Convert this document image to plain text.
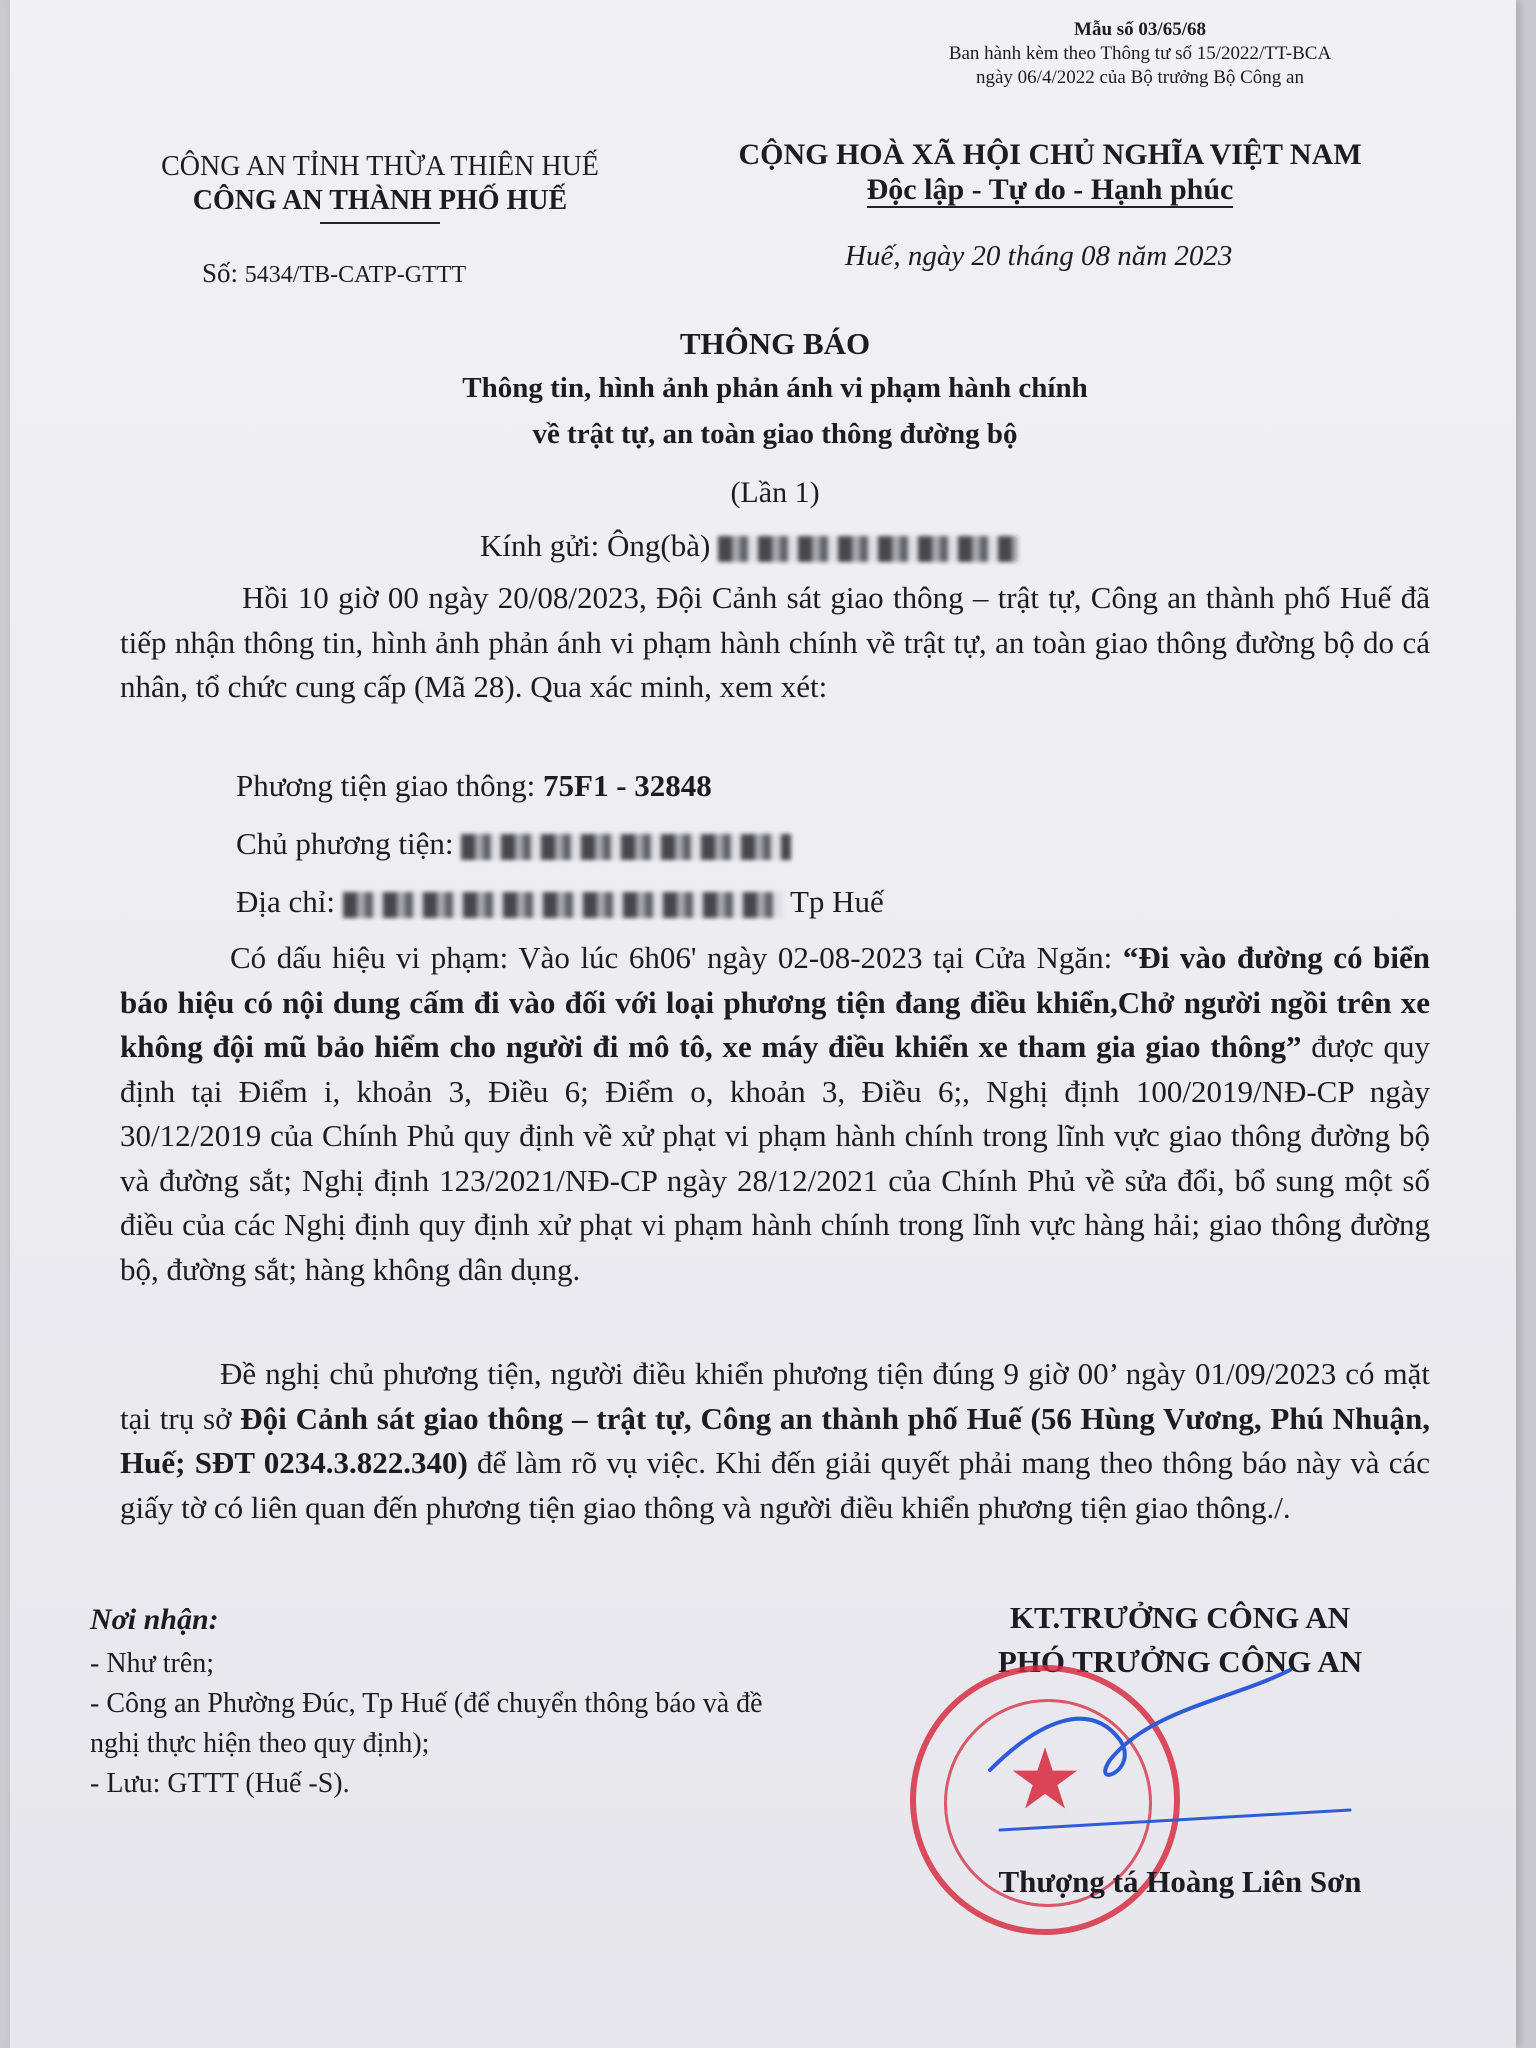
Mẫu số 03/65/68
Ban hành kèm theo Thông tư số 15/2022/TT-BCA
ngày 06/4/2022 của Bộ trưởng Bộ Công an
CÔNG AN TỈNH THỪA THIÊN HUẾ
CÔNG AN THÀNH PHỐ HUẾ
Số: 5434/TB-CATP-GTTT
CỘNG HOÀ XÃ HỘI CHỦ NGHĨA VIỆT NAM
Độc lập - Tự do - Hạnh phúc
Huế, ngày 20 tháng 08 năm 2023
THÔNG BÁO
Thông tin, hình ảnh phản ánh vi phạm hành chính
về trật tự, an toàn giao thông đường bộ
(Lần 1)
Kính gửi: Ông(bà)
Hồi 10 giờ 00 ngày 20/08/2023, Đội Cảnh sát giao thông – trật tự, Công an thành phố Huế đã tiếp nhận thông tin, hình ảnh phản ánh vi phạm hành chính về trật tự, an toàn giao thông đường bộ do cá nhân, tổ chức cung cấp (Mã 28). Qua xác minh, xem xét:
Phương tiện giao thông: 75F1 - 32848
Chủ phương tiện:
Địa chỉ:	Tp Huế
Có dấu hiệu vi phạm: Vào lúc 6h06' ngày 02-08-2023 tại Cửa Ngăn: “Đi vào đường có biển báo hiệu có nội dung cấm đi vào đối với loại phương tiện đang điều khiển,Chở người ngồi trên xe không đội mũ bảo hiểm cho người đi mô tô, xe máy điều khiển xe tham gia giao thông” được quy định tại Điểm i, khoản 3, Điều 6; Điểm o, khoản 3, Điều 6;, Nghị định 100/2019/NĐ-CP ngày 30/12/2019 của Chính Phủ quy định về xử phạt vi phạm hành chính trong lĩnh vực giao thông đường bộ và đường sắt; Nghị định 123/2021/NĐ-CP ngày 28/12/2021 của Chính Phủ về sửa đổi, bổ sung một số điều của các Nghị định quy định xử phạt vi phạm hành chính trong lĩnh vực hàng hải; giao thông đường bộ, đường sắt; hàng không dân dụng.
Đề nghị chủ phương tiện, người điều khiển phương tiện đúng 9 giờ 00’ ngày 01/09/2023 có mặt tại trụ sở Đội Cảnh sát giao thông – trật tự, Công an thành phố Huế (56 Hùng Vương, Phú Nhuận, Huế; SĐT 0234.3.822.340) để làm rõ vụ việc. Khi đến giải quyết phải mang theo thông báo này và các giấy tờ có liên quan đến phương tiện giao thông và người điều khiển phương tiện giao thông./.
Nơi nhận:
- Như trên;
- Công an Phường Đúc, Tp Huế (để chuyển thông báo và đề nghị thực hiện theo quy định);
- Lưu: GTTT (Huế -S).
KT.TRƯỞNG CÔNG AN
PHÓ TRƯỞNG CÔNG AN
★
Thượng tá Hoàng Liên Sơn
